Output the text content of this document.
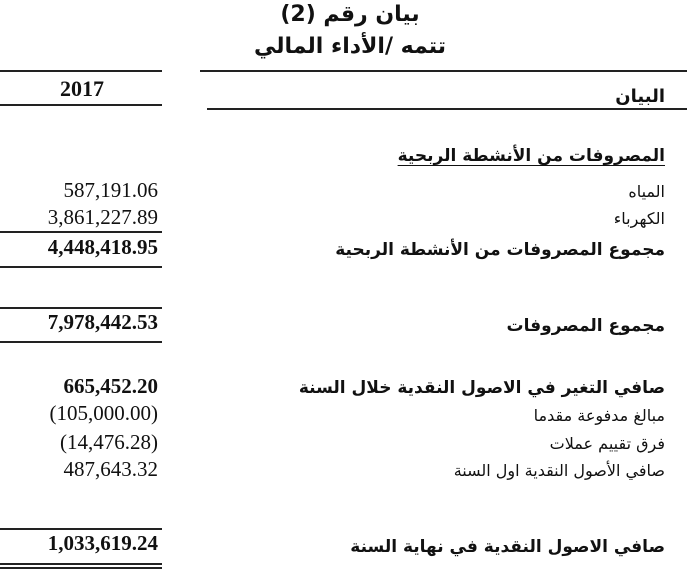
بيان رقم (2)
تتمه /الأداء المالي
2017	البيان
المصروفات من الأنشطة الربحية
المياه
587,191.06
الكهرباء
3,861,227.89
مجموع المصروفات من الأنشطة الربحية
4,448,418.95
مجموع المصروفات
7,978,442.53
صافي التغير في الاصول النقدية خلال السنة
665,452.20
مبالغ مدفوعة مقدما
(105,000.00)
فرق تقييم عملات
(14,476.28)
صافي الأصول النقدية اول السنة
487,643.32
صافي الاصول النقدية في نهاية السنة
1,033,619.24
